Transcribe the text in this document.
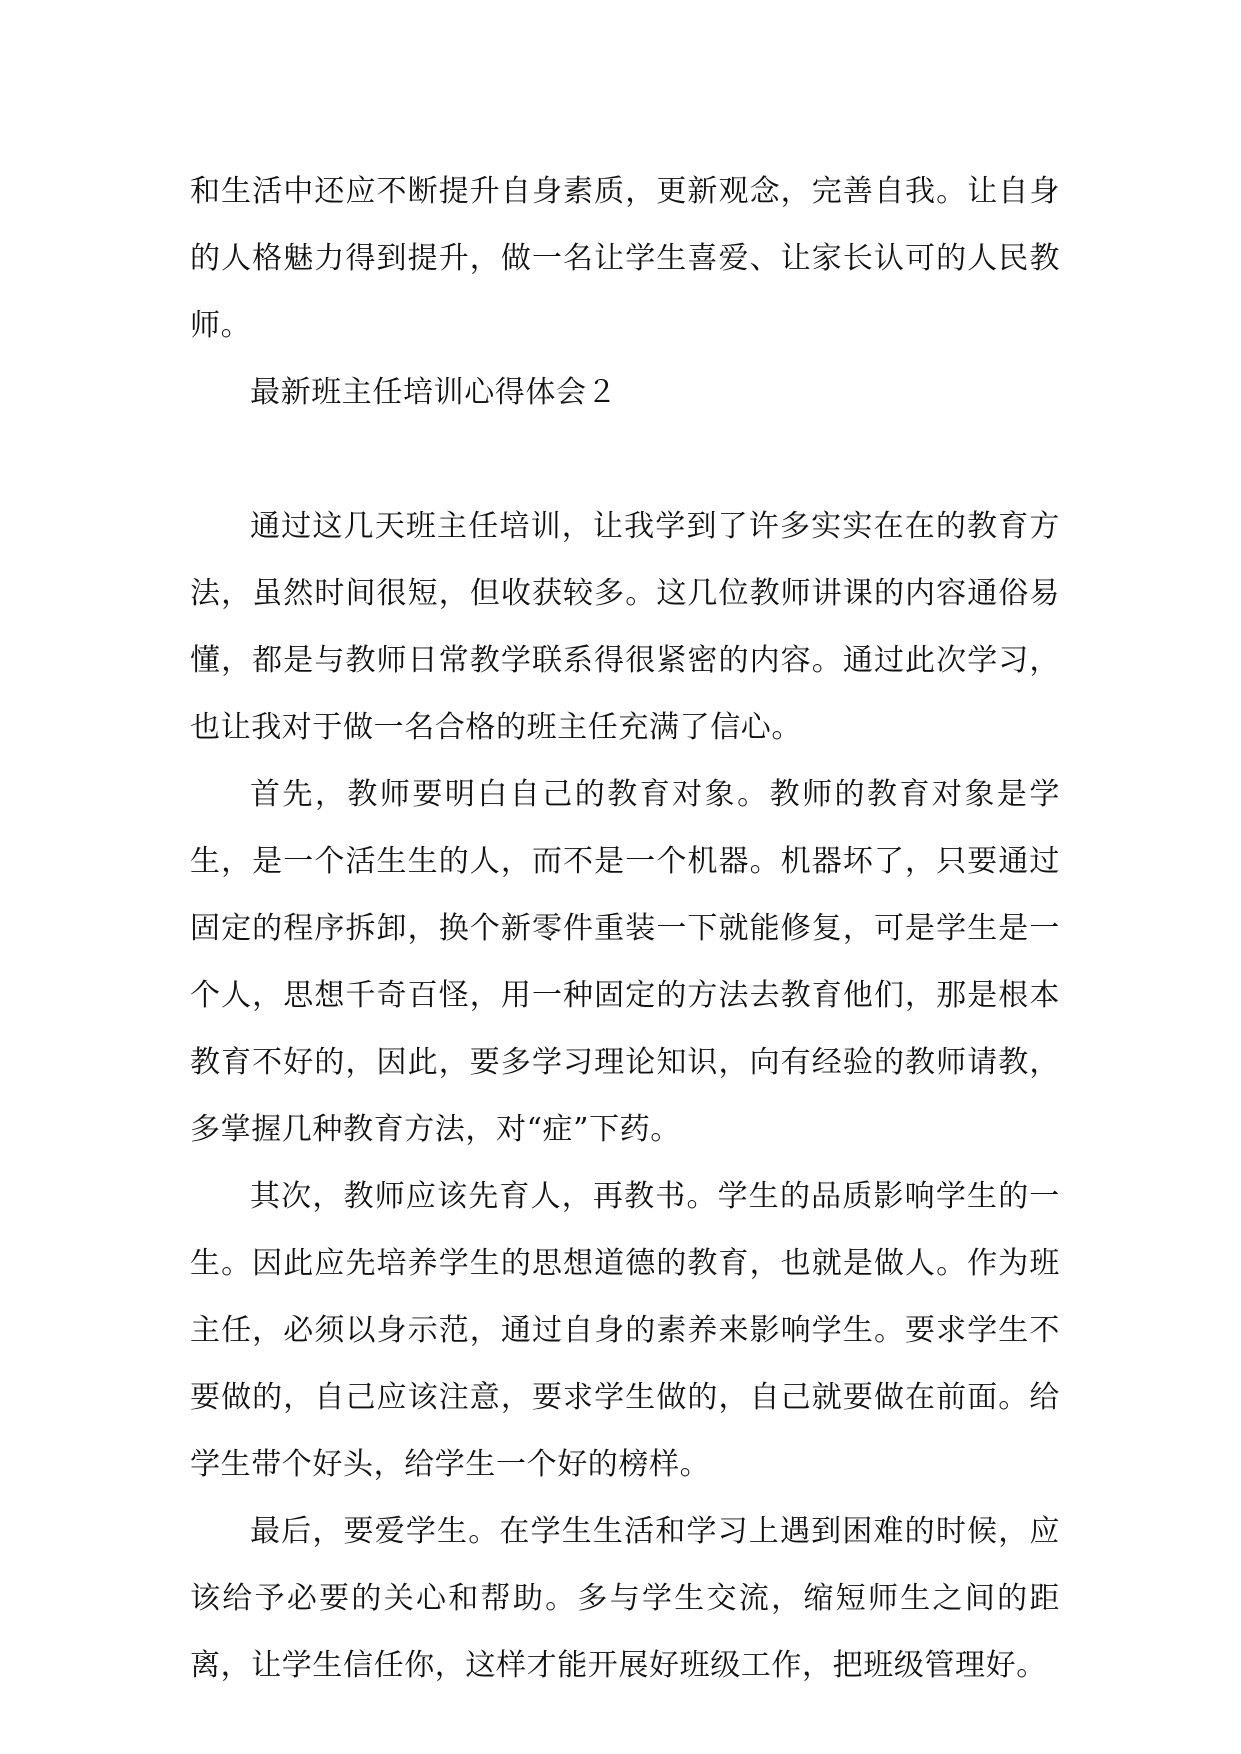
和生活中还应不断提升自身素质，更新观念，完善自我。让自身的人格魅力得到提升，做一名让学生喜爱、让家长认可的人民教师。

最新班主任培训心得体会２

通过这几天班主任培训，让我学到了许多实实在在的教育方法，虽然时间很短，但收获较多。这几位教师讲课的内容通俗易懂，都是与教师日常教学联系得很紧密的内容。通过此次学习，也让我对于做一名合格的班主任充满了信心。

首先，教师要明白自己的教育对象。教师的教育对象是学生，是一个活生生的人，而不是一个机器。机器坏了，只要通过固定的程序拆卸，换个新零件重装一下就能修复，可是学生是一个人，思想千奇百怪，用一种固定的方法去教育他们，那是根本教育不好的，因此，要多学习理论知识，向有经验的教师请教，多掌握几种教育方法，对“症”下药。

其次，教师应该先育人，再教书。学生的品质影响学生的一生。因此应先培养学生的思想道德的教育，也就是做人。作为班主任，必须以身示范，通过自身的素养来影响学生。要求学生不要做的，自己应该注意，要求学生做的，自己就要做在前面。给学生带个好头，给学生一个好的榜样。

最后，要爱学生。在学生生活和学习上遇到困难的时候，应该给予必要的关心和帮助。多与学生交流，缩短师生之间的距离，让学生信任你，这样才能开展好班级工作，把班级管理好。
